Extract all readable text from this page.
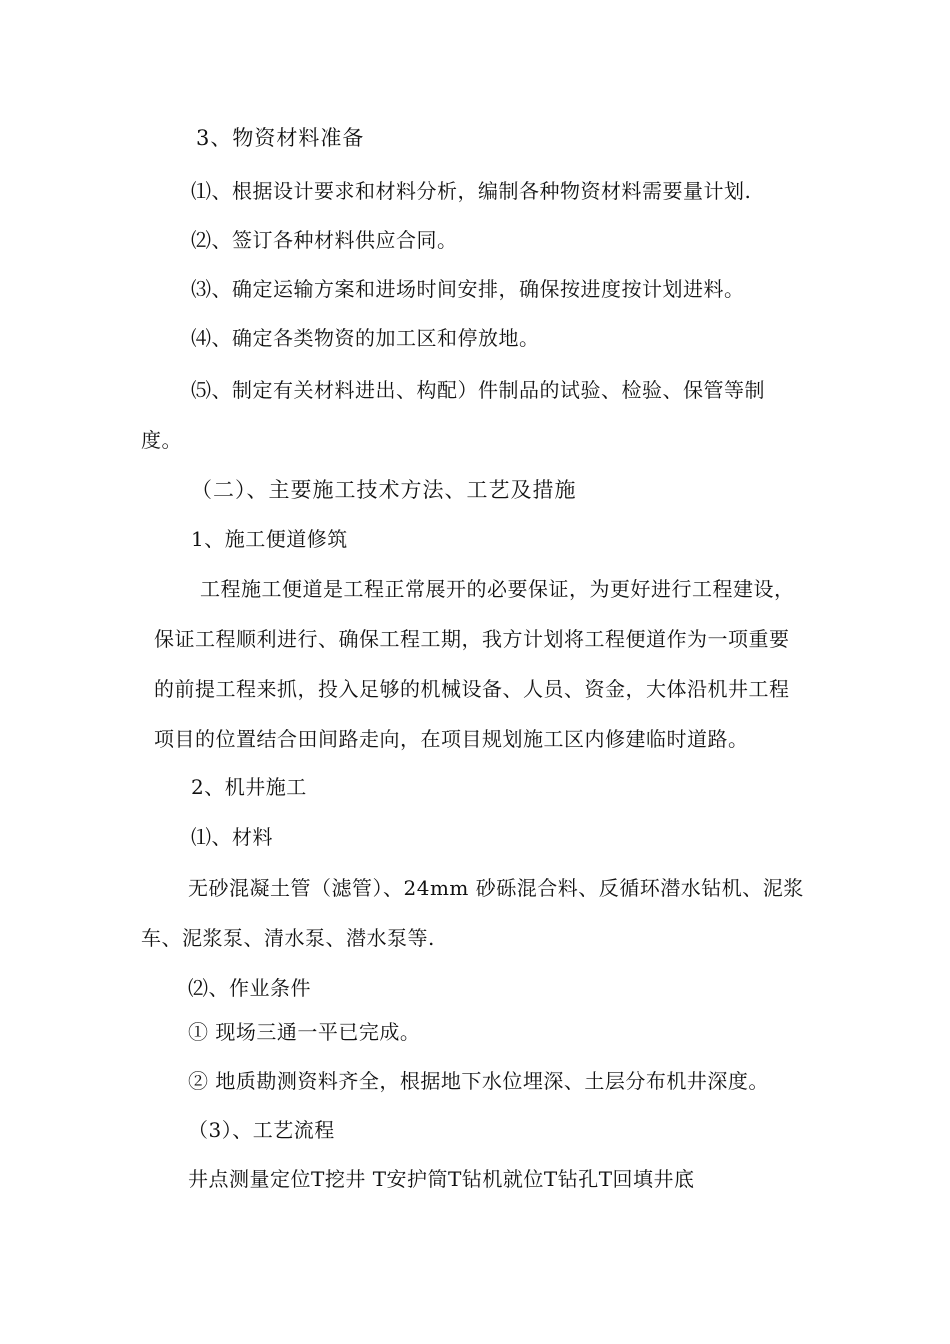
3、物资材料准备
⑴、根据设计要求和材料分析，编制各种物资材料需要量计划.
⑵、签订各种材料供应合同。
⑶、确定运输方案和进场时间安排，确保按进度按计划进料。
⑷、确定各类物资的加工区和停放地。
⑸、制定有关材料进出、构配）件制品的试验、检验、保管等制
度。
（二）、主要施工技术方法、工艺及措施
1、施工便道修筑
工程施工便道是工程正常展开的必要保证，为更好进行工程建设，
保证工程顺利进行、确保工程工期，我方计划将工程便道作为一项重要
的前提工程来抓，投入足够的机械设备、人员、资金，大体沿机井工程
项目的位置结合田间路走向，在项目规划施工区内修建临时道路。
2、机井施工
⑴、材料
无砂混凝土管（滤管）、24mm 砂砾混合料、反循环潜水钻机、泥浆
车、泥浆泵、清水泵、潜水泵等.
⑵、作业条件
① 现场三通一平已完成。
② 地质勘测资料齐全，根据地下水位埋深、土层分布机井深度。
（3）、工艺流程
井点测量定位T挖井 T安护筒T钻机就位T钻孔T回填井底
